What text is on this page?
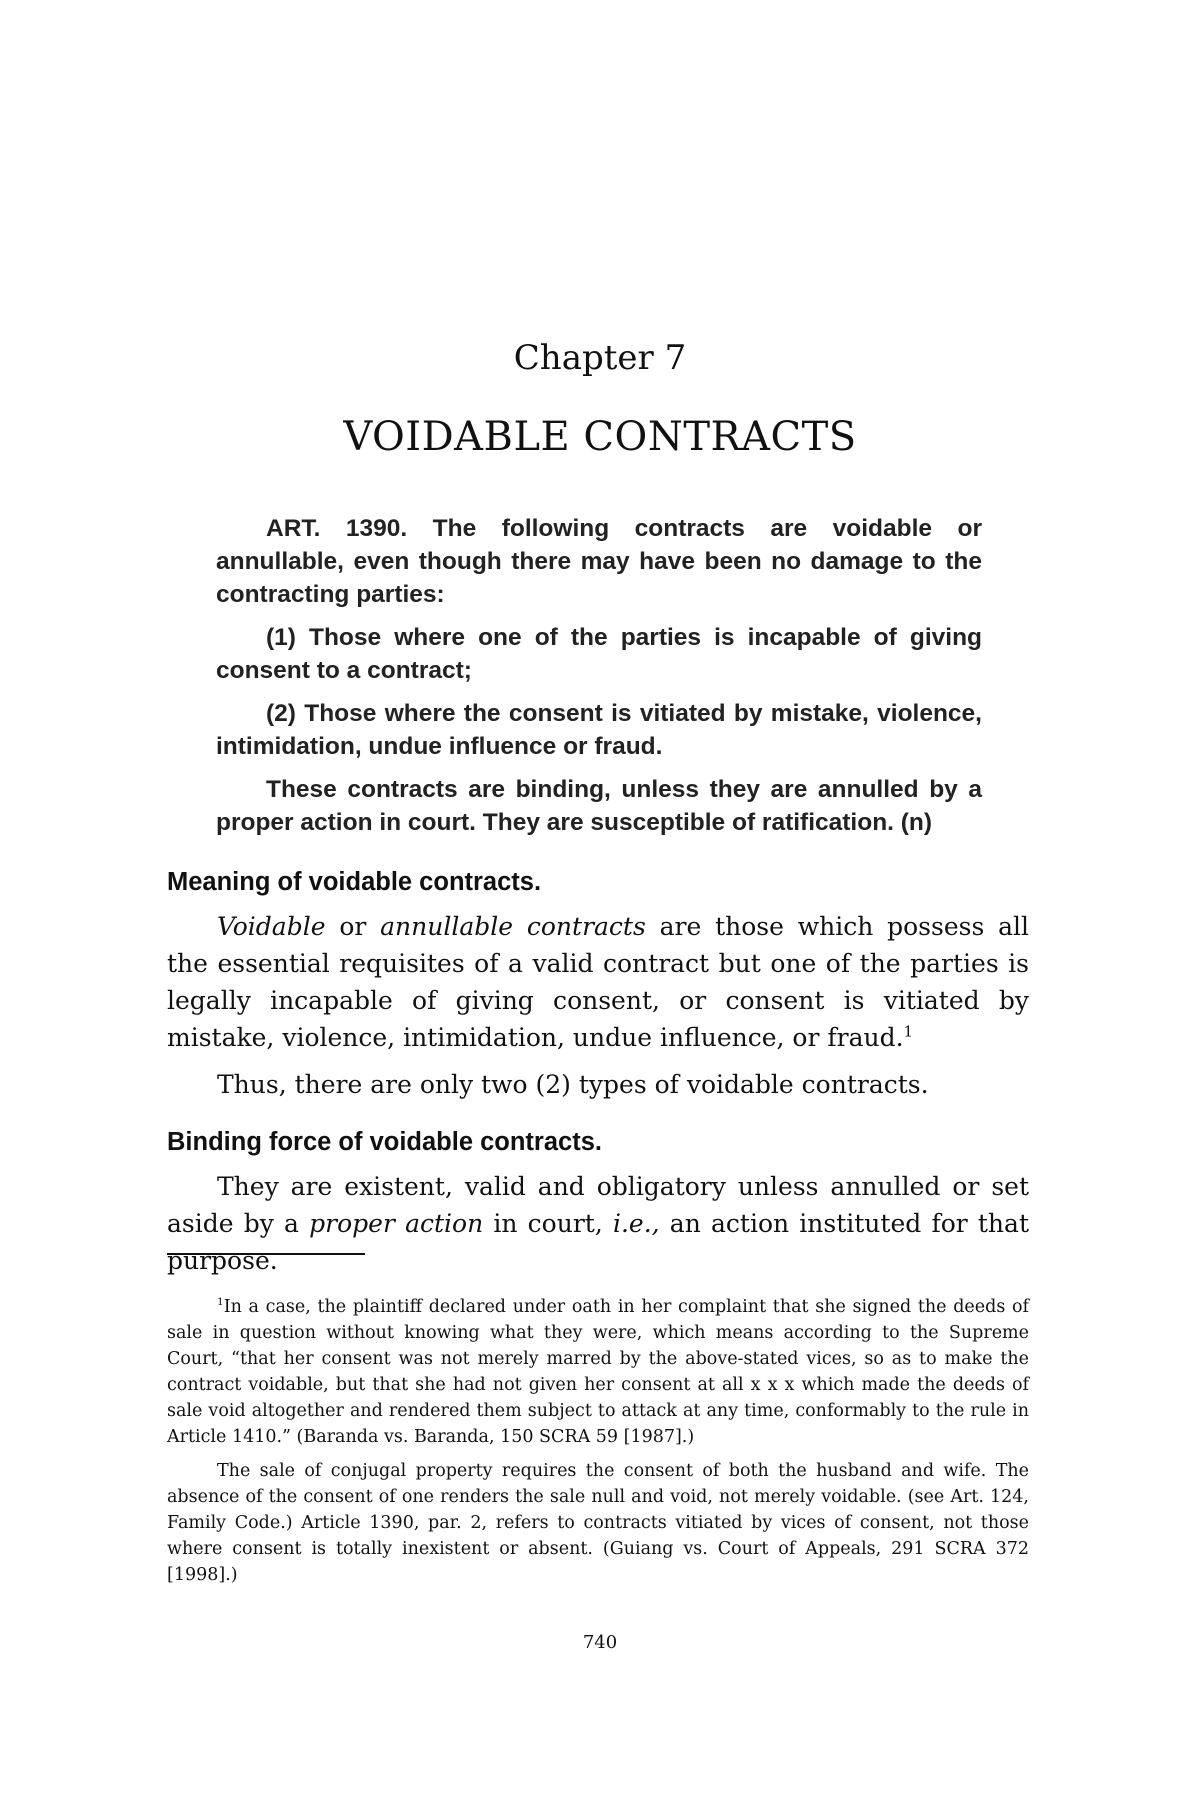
Chapter 7
VOIDABLE CONTRACTS

ART. 1390. The following contracts are voidable or annullable, even though there may have been no damage to the contracting parties:

(1) Those where one of the parties is incapable of giving consent to a contract;

(2) Those where the consent is vitiated by mistake, violence, intimidation, undue influence or fraud.

These contracts are binding, unless they are annulled by a proper action in court. They are susceptible of ratification. (n)

Meaning of voidable contracts.

Voidable or annullable contracts are those which possess all the essential requisites of a valid contract but one of the parties is legally incapable of giving consent, or consent is vitiated by mistake, violence, intimidation, undue influence, or fraud.$^1$

Thus, there are only two (2) types of voidable contracts.

Binding force of voidable contracts.

They are existent, valid and obligatory unless annulled or set aside by a proper action in court, i.e., an action instituted for that purpose.

$^1$In a case, the plaintiff declared under oath in her complaint that she signed the deeds of sale in question without knowing what they were, which means according to the Supreme Court, “that her consent was not merely marred by the above-stated vices, so as to make the contract voidable, but that she had not given her consent at all x x x which made the deeds of sale void altogether and rendered them subject to attack at any time, conformably to the rule in Article 1410.” (Baranda vs. Baranda, 150 SCRA 59 [1987].)

The sale of conjugal property requires the consent of both the husband and wife. The absence of the consent of one renders the sale null and void, not merely voidable. (see Art. 124, Family Code.) Article 1390, par. 2, refers to contracts vitiated by vices of consent, not those where consent is totally inexistent or absent. (Guiang vs. Court of Appeals, 291 SCRA 372 [1998].)

740
